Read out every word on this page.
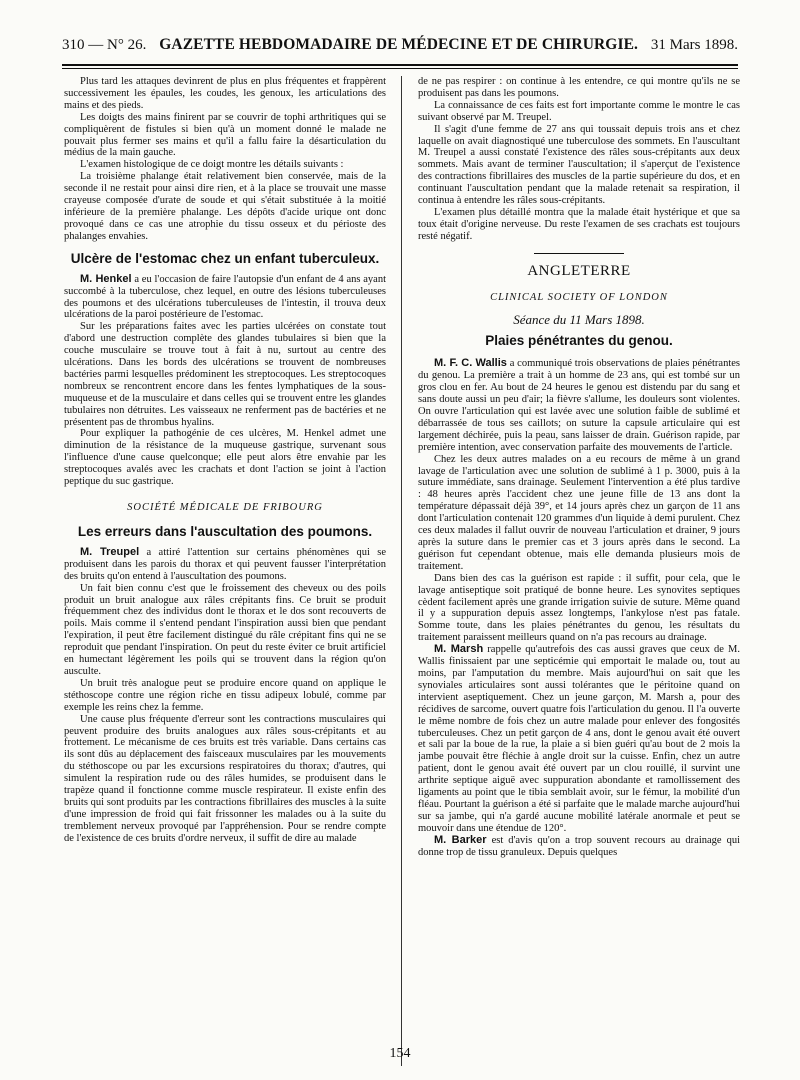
310 — N° 26. GAZETTE HEBDOMADAIRE DE MÉDECINE ET DE CHIRURGIE. 31 Mars 1898.

Plus tard les attaques devinrent de plus en plus fréquentes et frappèrent successivement les épaules, les coudes, les genoux, les articulations des mains et des pieds.

Les doigts des mains finirent par se couvrir de tophi arthritiques qui se compliquèrent de fistules si bien qu'à un moment donné le malade ne pouvait plus fermer ses mains et qu'il a fallu faire la désarticulation du médius de la main gauche.

L'examen histologique de ce doigt montre les détails suivants :

La troisième phalange était relativement bien conservée, mais de la seconde il ne restait pour ainsi dire rien, et à la place se trouvait une masse crayeuse composée d'urate de soude et qui s'était substituée à la moitié inférieure de la première phalange. Les dépôts d'acide urique ont donc provoqué dans ce cas une atrophie du tissu osseux et du périoste des phalanges envahies.

Ulcère de l'estomac chez un enfant tuberculeux.

M. Henkel a eu l'occasion de faire l'autopsie d'un enfant de 4 ans ayant succombé à la tuberculose, chez lequel, en outre des lésions tuberculeuses des poumons et des ulcérations tuberculeuses de l'intestin, il trouva deux ulcérations de la paroi postérieure de l'estomac.

Sur les préparations faites avec les parties ulcérées on constate tout d'abord une destruction complète des glandes tubulaires si bien que la couche musculaire se trouve tout à fait à nu, surtout au centre des ulcérations. Dans les bords des ulcérations se trouvent de nombreuses bactéries parmi lesquelles prédominent les streptocoques. Les streptocoques nombreux se rencontrent encore dans les fentes lymphatiques de la sous-muqueuse et de la musculaire et dans celles qui se trouvent entre les glandes tubulaires non détruites. Les vaisseaux ne renferment pas de bactéries et ne présentent pas de thrombus hyalins.

Pour expliquer la pathogénie de ces ulcères, M. Henkel admet une diminution de la résistance de la muqueuse gastrique, survenant sous l'influence d'une cause quelconque; elle peut alors être envahie par les streptocoques avalés avec les crachats et dont l'action se joint à l'action peptique du suc gastrique.

SOCIÉTÉ MÉDICALE DE FRIBOURG
Les erreurs dans l'auscultation des poumons.

M. Treupel a attiré l'attention sur certains phénomènes qui se produisent dans les parois du thorax et qui peuvent fausser l'interprétation des bruits qu'on entend à l'auscultation des poumons.

Un fait bien connu c'est que le froissement des cheveux ou des poils produit un bruit analogue aux râles crépitants fins. Ce bruit se produit fréquemment chez des individus dont le thorax et le dos sont recouverts de poils. Mais comme il s'entend pendant l'inspiration aussi bien que pendant l'expiration, il peut être facilement distingué du râle crépitant fins qui ne se reproduit que pendant l'inspiration. On peut du reste éviter ce bruit artificiel en humectant légèrement les poils qui se trouvent dans la région qu'on ausculte.

Un bruit très analogue peut se produire encore quand on applique le stéthoscope contre une région riche en tissu adipeux lobulé, comme par exemple les reins chez la femme.

Une cause plus fréquente d'erreur sont les contractions musculaires qui peuvent produire des bruits analogues aux râles sous-crépitants et au frottement. Le mécanisme de ces bruits est très variable. Dans certains cas ils sont dûs au déplacement des faisceaux musculaires par les mouvements du stéthoscope ou par les excursions respiratoires du thorax; d'autres, qui simulent la respiration rude ou des râles humides, se produisent dans le trapèze quand il fonctionne comme muscle respirateur. Il existe enfin des bruits qui sont produits par les contractions fibrillaires des muscles à la suite d'une impression de froid qui fait frissonner les malades ou à la suite du tremblement nerveux provoqué par l'appréhension. Pour se rendre compte de l'existence de ces bruits d'ordre nerveux, il suffit de dire au malade

de ne pas respirer : on continue à les entendre, ce qui montre qu'ils ne se produisent pas dans les poumons.

La connaissance de ces faits est fort importante comme le montre le cas suivant observé par M. Treupel.

Il s'agit d'une femme de 27 ans qui toussait depuis trois ans et chez laquelle on avait diagnostiqué une tuberculose des sommets. En l'auscultant M. Treupel a aussi constaté l'existence des râles sous-crépitants aux deux sommets. Mais avant de terminer l'auscultation; il s'aperçut de l'existence des contractions fibrillaires des muscles de la partie supérieure du dos, et en continuant l'auscultation pendant que la malade retenait sa respiration, il continua à entendre les râles sous-crépitants.

L'examen plus détaillé montra que la malade était hystérique et que sa toux était d'origine nerveuse. Du reste l'examen de ses crachats est toujours resté négatif.

ANGLETERRE
CLINICAL SOCIETY OF LONDON
Séance du 11 Mars 1898.
Plaies pénétrantes du genou.

M. F. C. Wallis a communiqué trois observations de plaies pénétrantes du genou. La première a trait à un homme de 23 ans, qui est tombé sur un gros clou en fer. Au bout de 24 heures le genou est distendu par du sang et sans doute aussi un peu d'air; la fièvre s'allume, les douleurs sont violentes. On ouvre l'articulation qui est lavée avec une solution faible de sublimé et débarrassée de tous ses caillots; on suture la capsule articulaire qui est largement déchirée, puis la peau, sans laisser de drain. Guérison rapide, par première intention, avec conservation parfaite des mouvements de l'article.

Chez les deux autres malades on a eu recours de même à un grand lavage de l'articulation avec une solution de sublimé à 1 p. 3000, puis à la suture immédiate, sans drainage. Seulement l'intervention a été plus tardive : 48 heures après l'accident chez une jeune fille de 13 ans dont la température dépassait déjà 39°, et 14 jours après chez un garçon de 11 ans dont l'articulation contenait 120 grammes d'un liquide à demi purulent. Chez ces deux malades il fallut ouvrir de nouveau l'articulation et drainer, 9 jours après la suture dans le premier cas et 3 jours après dans le second. La guérison fut cependant obtenue, mais elle demanda plusieurs mois de traitement.

Dans bien des cas la guérison est rapide : il suffit, pour cela, que le lavage antiseptique soit pratiqué de bonne heure. Les synovites septiques cèdent facilement après une grande irrigation suivie de suture. Même quand il y a suppuration depuis assez longtemps, l'ankylose n'est pas fatale. Somme toute, dans les plaies pénétrantes du genou, les résultats du traitement paraissent meilleurs quand on n'a pas recours au drainage.

M. Marsh rappelle qu'autrefois des cas aussi graves que ceux de M. Wallis finissaient par une septicémie qui emportait le malade ou, tout au moins, par l'amputation du membre. Mais aujourd'hui on sait que les synoviales articulaires sont aussi tolérantes que le péritoine quand on intervient aseptiquement. Chez un jeune garçon, M. Marsh a, pour des récidives de sarcome, ouvert quatre fois l'articulation du genou. Il l'a ouverte le même nombre de fois chez un autre malade pour enlever des fongosités tuberculeuses. Chez un petit garçon de 4 ans, dont le genou avait été ouvert et sali par la boue de la rue, la plaie a si bien guéri qu'au bout de 2 mois la jambe pouvait être fléchie à angle droit sur la cuisse. Enfin, chez un autre patient, dont le genou avait été ouvert par un clou rouillé, il survint une arthrite septique aiguë avec suppuration abondante et ramollissement des ligaments au point que le tibia semblait avoir, sur le fémur, la mobilité d'un fléau. Pourtant la guérison a été si parfaite que le malade marche aujourd'hui sur sa jambe, qui n'a gardé aucune mobilité latérale anormale et peut se mouvoir dans une étendue de 120°.

M. Barker est d'avis qu'on a trop souvent recours au drainage qui donne trop de tissu granuleux. Depuis quelques

154
